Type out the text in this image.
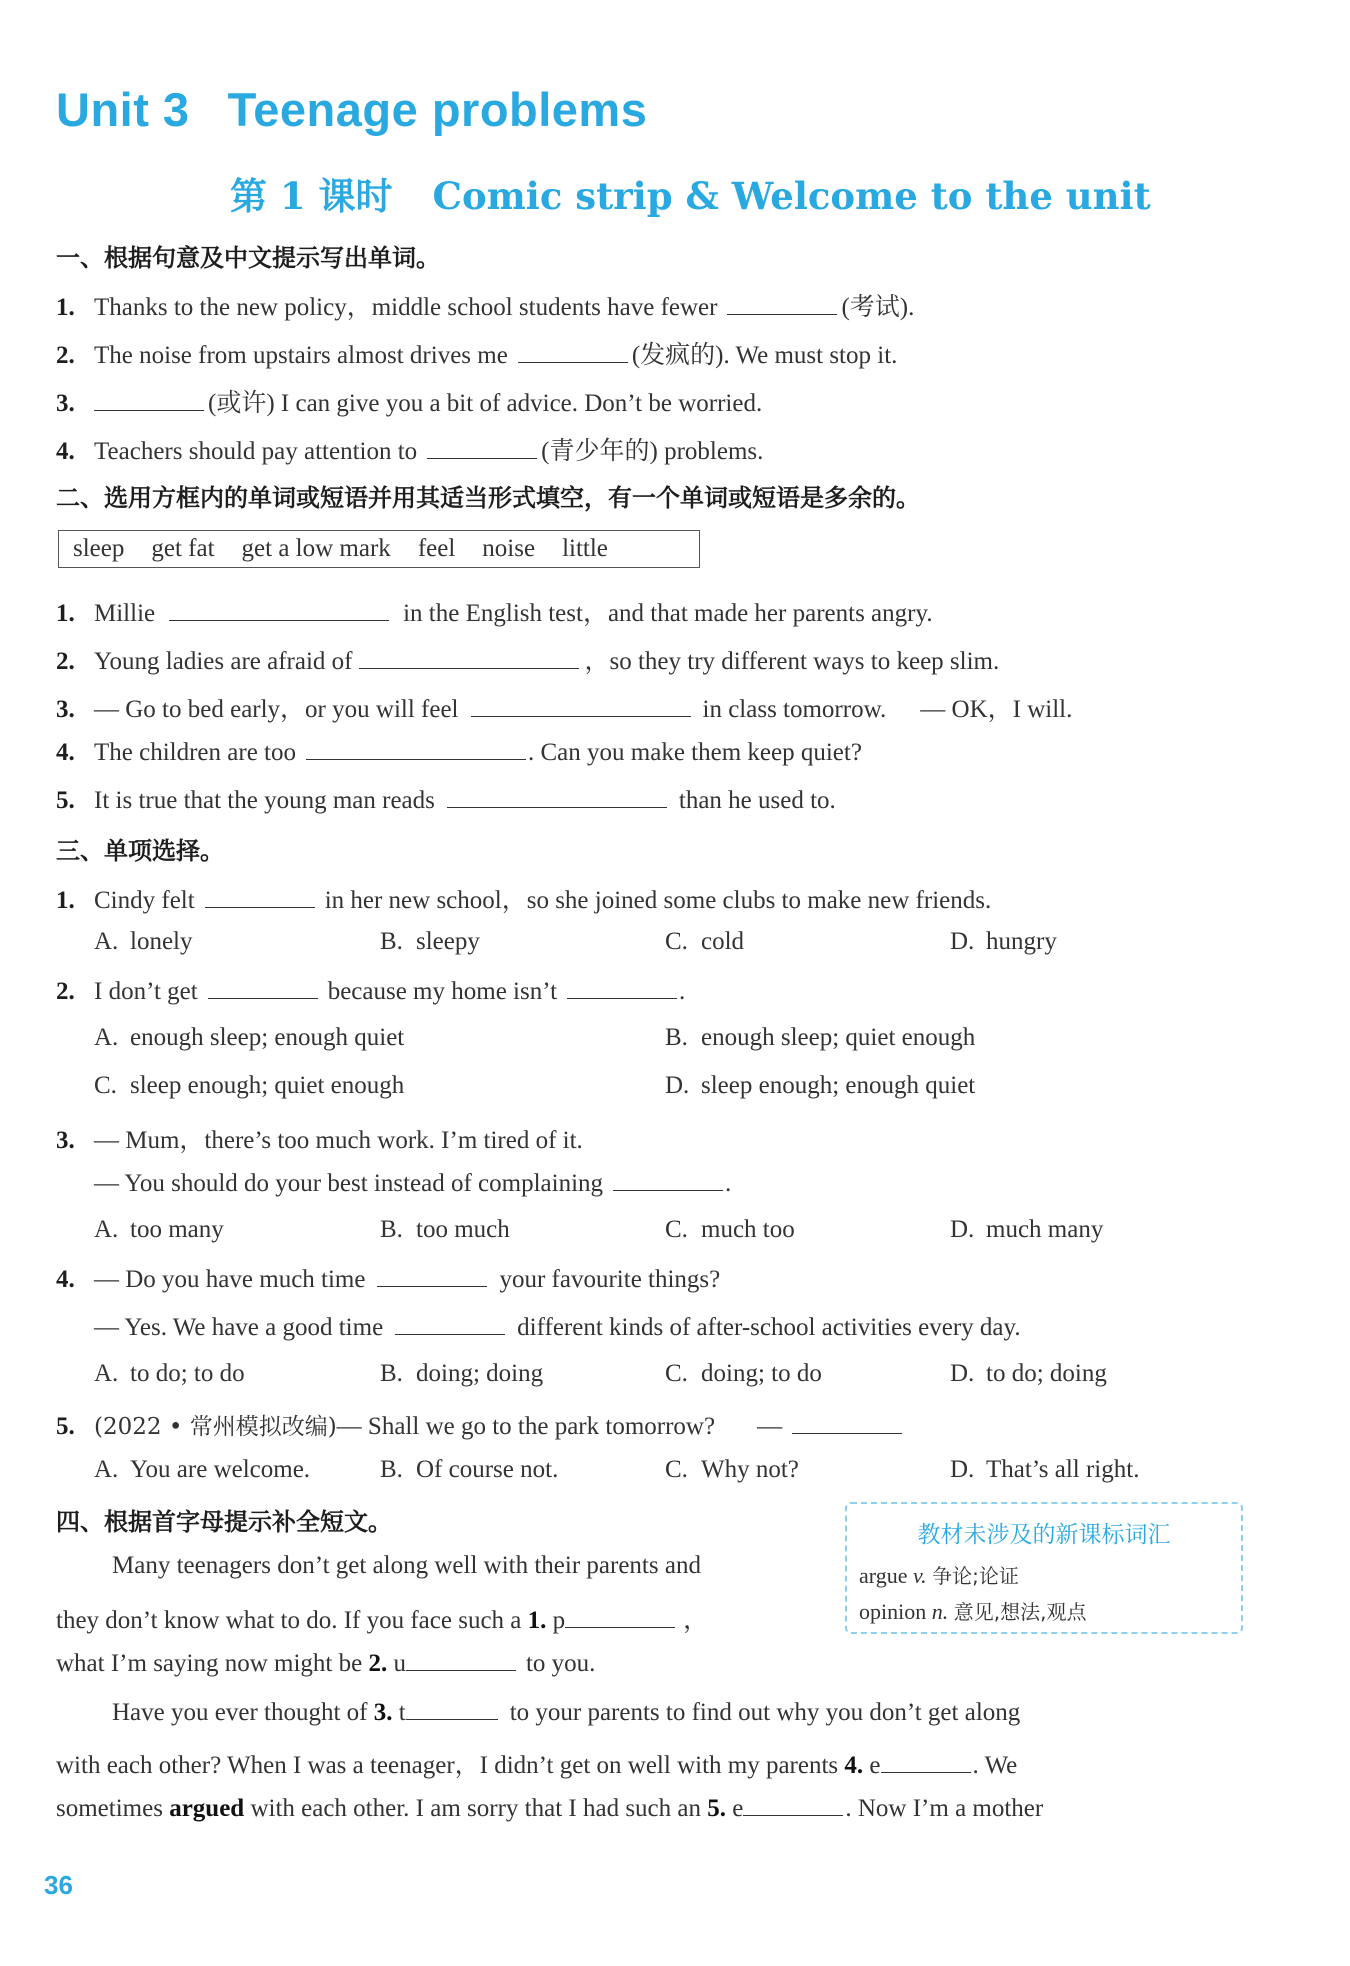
Unit 3 Teenage problems
第 1 课时 Comic strip & Welcome to the unit
一、根据句意及中文提示写出单词。
1. Thanks to the new policy，middle school students have fewer	(考试).
2. The noise from upstairs almost drives me	(发疯的). We must stop it.
3.	(或许) I can give you a bit of advice. Don’t be worried.
4. Teachers should pay attention to	(青少年的) problems.
二、选用方框内的单词或短语并用其适当形式填空，有一个单词或短语是多余的。
sleep get fat get a low mark feel noise little
1. Millie	in the English test，and that made her parents angry.
2. Young ladies are afraid of	，so they try different ways to keep slim.
3. — Go to bed early，or you will feel	in class tomorrow. — OK，I will.
4. The children are too	. Can you make them keep quiet?
5. It is true that the young man reads	than he used to.
三、单项选择。
1. Cindy felt	in her new school，so she joined some clubs to make new friends.
A. lonely	B. sleepy	C. cold	D. hungry
2. I don’t get	because my home isn’t	.
A. enough sleep; enough quiet	B. enough sleep; quiet enough
C. sleep enough; quiet enough	D. sleep enough; enough quiet
3. — Mum，there’s too much work. I’m tired of it.
— You should do your best instead of complaining	.
A. too many	B. too much	C. much too	D. much many
4. — Do you have much time	your favourite things?
— Yes. We have a good time	different kinds of after-school activities every day.
A. to do; to do	B. doing; doing	C. doing; to do	D. to do; doing
5. (2022 • 常州模拟改编)— Shall we go to the park tomorrow? —
A. You are welcome.	B. Of course not.	C. Why not?	D. That’s all right.
四、根据首字母提示补全短文。
Many teenagers don’t get along well with their parents and
they don’t know what to do. If you face such a 1. p	，
what I’m saying now might be 2. u	to you.
Have you ever thought of 3. t	to your parents to find out why you don’t get along
with each other? When I was a teenager，I didn’t get on well with my parents 4. e	. We
sometimes argued with each other. I am sorry that I had such an 5. e	. Now I’m a mother
教材未涉及的新课标词汇
argue v. 争论;论证
opinion n. 意见,想法,观点
36
